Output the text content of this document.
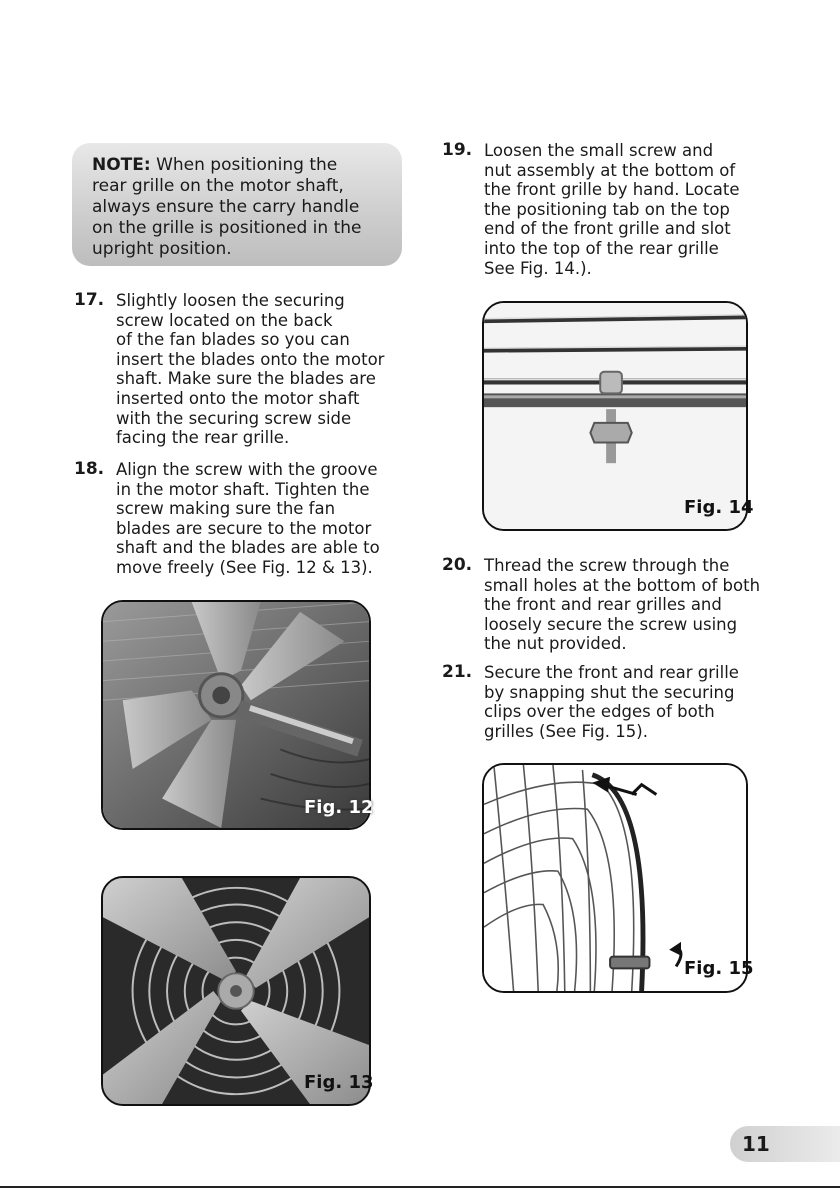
NOTE: When positioning the
rear grille on the motor shaft,
always ensure the carry handle
on the grille is positioned in the
upright position.
17. Slightly loosen the securing
screw located on the back
of the fan blades so you can
insert the blades onto the motor
shaft. Make sure the blades are
inserted onto the motor shaft
with the securing screw side
facing the rear grille.
18. Align the screw with the groove
in the motor shaft. Tighten the
screw making sure the fan
blades are secure to the motor
shaft and the blades are able to
move freely (See Fig. 12 & 13).
19. Loosen the small screw and
nut assembly at the bottom of
the front grille by hand. Locate
the positioning tab on the top
end of the front grille and slot
into the top of the rear grille
See Fig. 14.).
20. Thread the screw through the
small holes at the bottom of both
the front and rear grilles and
loosely secure the screw using
the nut provided.
21. Secure the front and rear grille
by snapping shut the securing
clips over the edges of both
grilles (See Fig. 15).
Fig. 12
Fig. 13
Fig. 14
Fig. 15
11
